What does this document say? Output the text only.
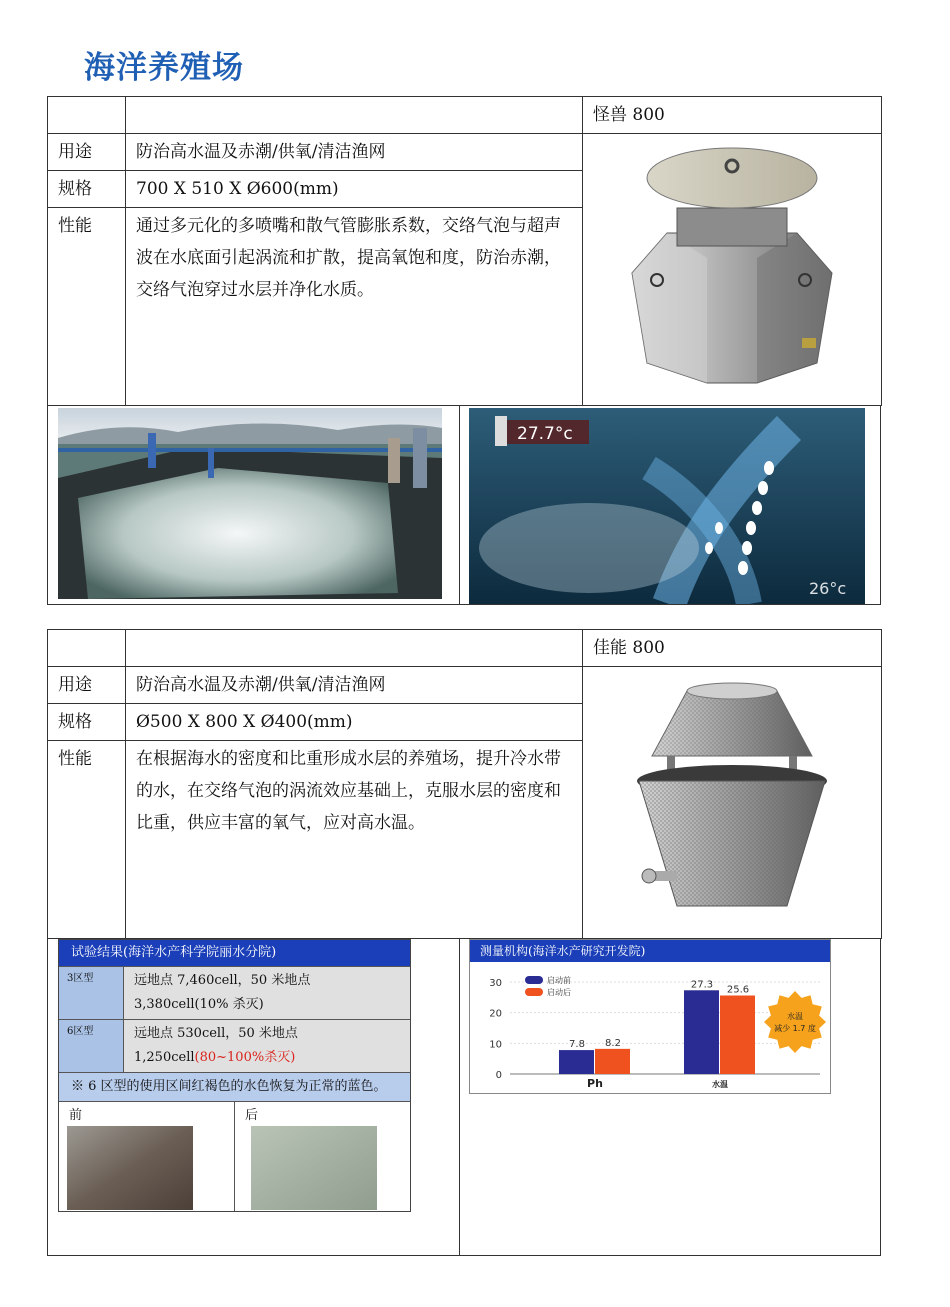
海洋养殖场
		怪兽 800
用途	防治高水温及赤潮/供氧/清洁渔网	

规格	700 X 510 X Ø600(mm)	
性能	通过多元化的多喷嘴和散气管膨胀系数，交络气泡与超声波在水底面引起涡流和扩散，提高氧饱和度，防治赤潮，交络气泡穿过水层并净化水质。	
27.7°c
26°c
		佳能 800
用途	防治高水温及赤潮/供氧/清洁渔网	

规格	Ø500 X 800 X Ø400(mm)	
性能	在根据海水的密度和比重形成水层的养殖场，提升冷水带的水，在交络气泡的涡流效应基础上，克服水层的密度和比重，供应丰富的氧气，应对高水温。	
试验结果(海洋水产科学院丽水分院)
3区型	远地点 7,460cell，50 米地点
3,380cell(10% 杀灭)
6区型	远地点 530cell，50 米地点
1,250cell(80~100%杀灭)
※ 6 区型的使用区间红褐色的水色恢复为正常的蓝色。
前	后
测量机构(海洋水产研究开发院)
0
10
20
30
7.8 8.2
Ph
27.3 25.6
水温
启动前
启动后
水温
减少 1.7 度
